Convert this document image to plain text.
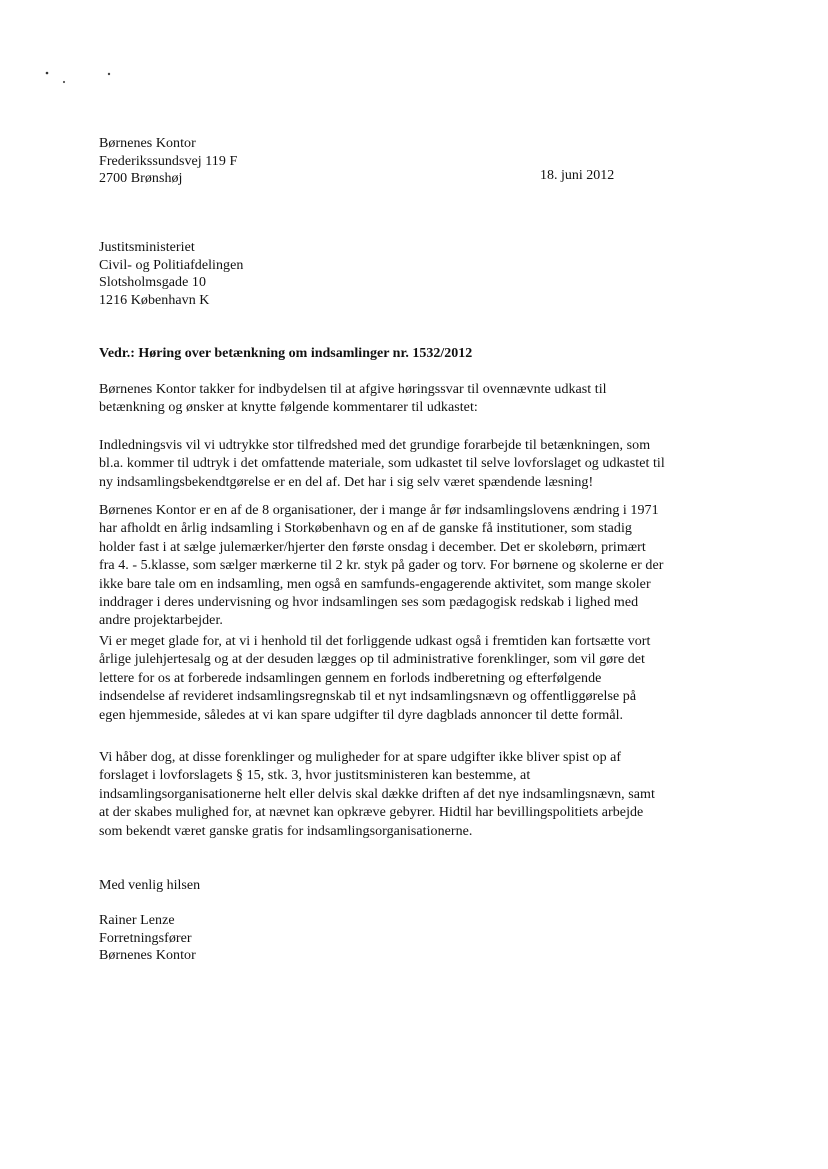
Børnenes Kontor
Frederikssundsvej 119 F
2700 Brønshøj	18. juni 2012
Justitsministeriet
Civil- og Politiafdelingen
Slotsholmsgade 10
1216 København K
Vedr.: Høring over betænkning om indsamlinger nr. 1532/2012
Børnenes Kontor takker for indbydelsen til at afgive høringssvar til ovennævnte udkast til
betænkning og ønsker at knytte følgende kommentarer til udkastet:
Indledningsvis vil vi udtrykke stor tilfredshed med det grundige forarbejde til betænkningen, som
bl.a. kommer til udtryk i det omfattende materiale, som udkastet til selve lovforslaget og udkastet til
ny indsamlingsbekendtgørelse er en del af. Det har i sig selv været spændende læsning!
Børnenes Kontor er en af de 8 organisationer, der i mange år før indsamlingslovens ændring i 1971
har afholdt en årlig indsamling i Storkøbenhavn og en af de ganske få institutioner, som stadig
holder fast i at sælge julemærker/hjerter den første onsdag i december. Det er skolebørn, primært
fra 4. - 5.klasse, som sælger mærkerne til 2 kr. styk på gader og torv. For børnene og skolerne er der
ikke bare tale om en indsamling, men også en samfunds-engagerende aktivitet, som mange skoler
inddrager i deres undervisning og hvor indsamlingen ses som pædagogisk redskab i lighed med
andre projektarbejder.
Vi er meget glade for, at vi i henhold til det forliggende udkast også i fremtiden kan fortsætte vort
årlige julehjertesalg og at der desuden lægges op til administrative forenklinger, som vil gøre det
lettere for os at forberede indsamlingen gennem en forlods indberetning og efterfølgende
indsendelse af revideret indsamlingsregnskab til et nyt indsamlingsnævn og offentliggørelse på
egen hjemmeside, således at vi kan spare udgifter til dyre dagblads annoncer til dette formål.
Vi håber dog, at disse forenklinger og muligheder for at spare udgifter ikke bliver spist op af
forslaget i lovforslagets § 15, stk. 3, hvor justitsministeren kan bestemme, at
indsamlingsorganisationerne helt eller delvis skal dække driften af det nye indsamlingsnævn, samt
at der skabes mulighed for, at nævnet kan opkræve gebyrer. Hidtil har bevillingspolitiets arbejde
som bekendt været ganske gratis for indsamlingsorganisationerne.
Med venlig hilsen
Rainer Lenze
Forretningsfører
Børnenes Kontor
